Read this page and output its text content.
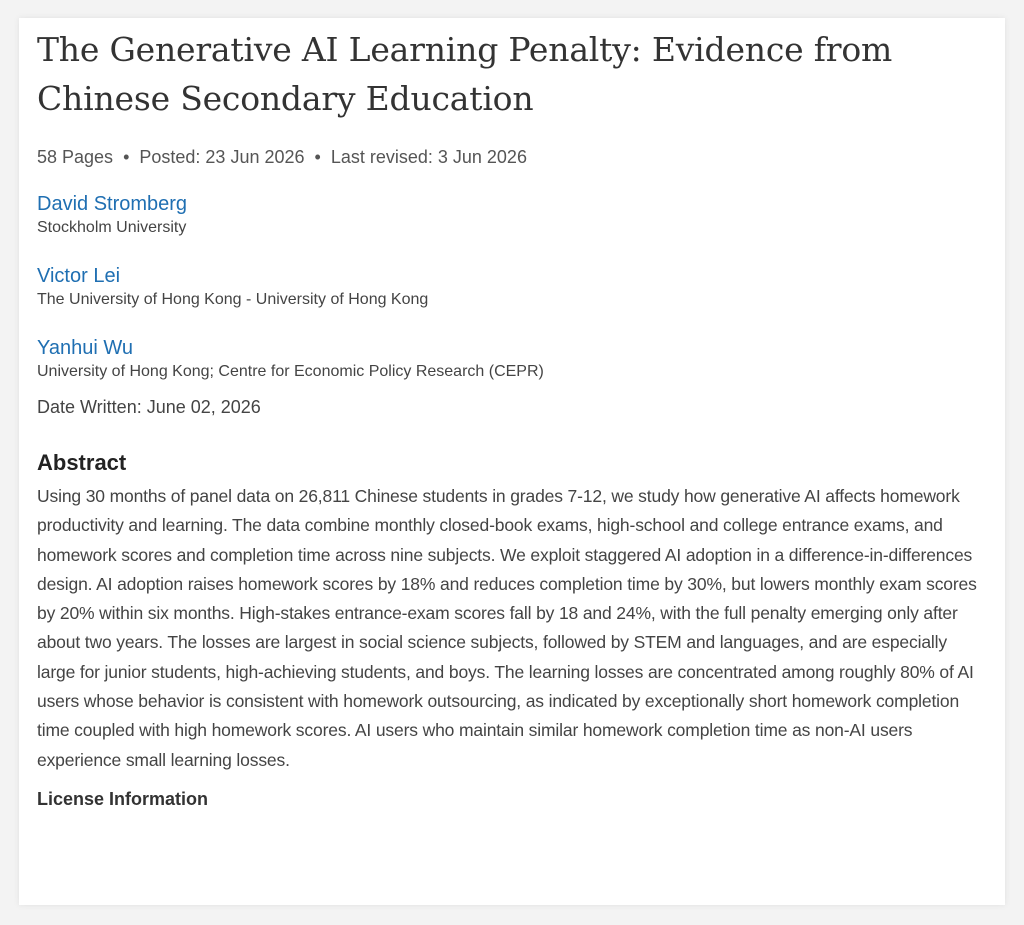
The Generative AI Learning Penalty: Evidence from Chinese Secondary Education
58 Pages • Posted: 23 Jun 2026 • Last revised: 3 Jun 2026
David Stromberg
Stockholm University
Victor Lei
The University of Hong Kong - University of Hong Kong
Yanhui Wu
University of Hong Kong; Centre for Economic Policy Research (CEPR)
Date Written: June 02, 2026
Abstract

Using 30 months of panel data on 26,811 Chinese students in grades 7-12, we study how generative AI affects homework productivity and learning. The data combine monthly closed-book exams, high-school and college entrance exams, and homework scores and completion time across nine subjects. We exploit staggered AI adoption in a difference-in-differences design. AI adoption raises homework scores by 18% and reduces completion time by 30%, but lowers monthly exam scores by 20% within six months. High-stakes entrance-exam scores fall by 18 and 24%, with the full penalty emerging only after about two years. The losses are largest in social science subjects, followed by STEM and languages, and are especially large for junior students, high-achieving students, and boys. The learning losses are concentrated among roughly 80% of AI users whose behavior is consistent with homework outsourcing, as indicated by exceptionally short homework completion time coupled with high homework scores. AI users who maintain similar homework completion time as non-AI users experience small learning losses.

License Information
